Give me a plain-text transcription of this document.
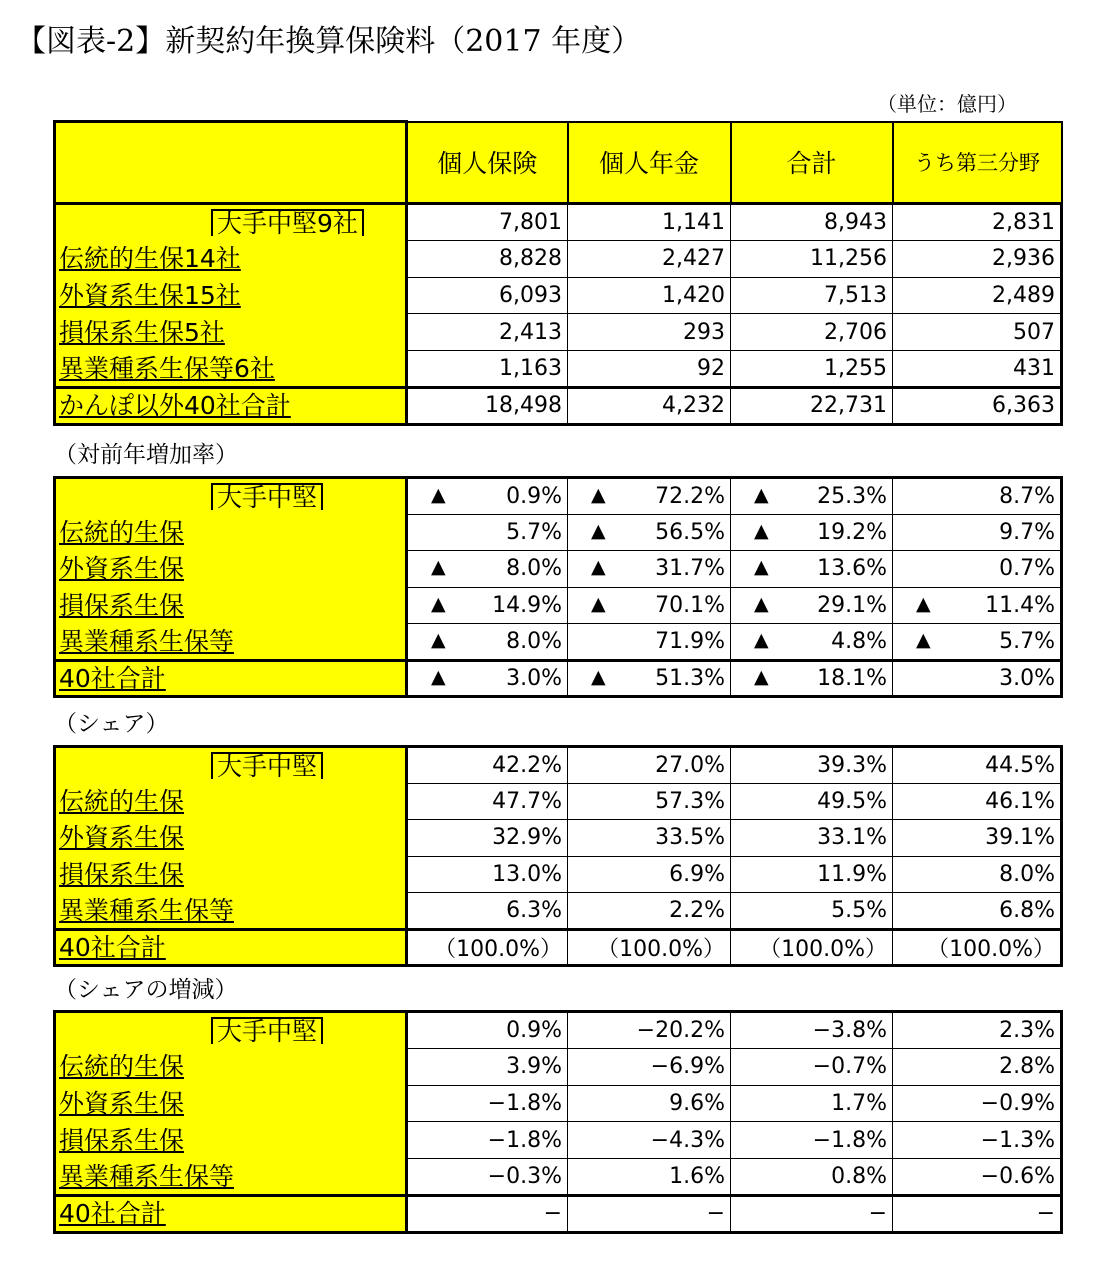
【図表-2】新契約年換算保険料（2017 年度）
（単位：億円）
	個人保険	個人年金	合計	うち第三分野
大手中堅9社	7,801	1,141	8,943	2,831
伝統的生保14社	8,828	2,427	11,256	2,936
外資系生保15社	6,093	1,420	7,513	2,489
損保系生保5社	2,413	293	2,706	507
異業種系生保等6社	1,163	92	1,255	431
かんぽ以外40社合計	18,498	4,232	22,731	6,363
（対前年増加率）
大手中堅	▲ 0.9%	▲ 72.2%	▲ 25.3%	8.7%
伝統的生保	5.7%	▲ 56.5%	▲ 19.2%	9.7%
外資系生保	▲ 8.0%	▲ 31.7%	▲ 13.6%	0.7%
損保系生保	▲ 14.9%	▲ 70.1%	▲ 29.1%	▲ 11.4%
異業種系生保等	▲ 8.0%	71.9%	▲ 4.8%	▲ 5.7%
40社合計	▲ 3.0%	▲ 51.3%	▲ 18.1%	3.0%
（シェア）
大手中堅	42.2%	27.0%	39.3%	44.5%
伝統的生保	47.7%	57.3%	49.5%	46.1%
外資系生保	32.9%	33.5%	33.1%	39.1%
損保系生保	13.0%	6.9%	11.9%	8.0%
異業種系生保等	6.3%	2.2%	5.5%	6.8%
40社合計	（100.0%）	（100.0%）	（100.0%）	（100.0%）
（シェアの増減）
大手中堅	0.9%	−20.2%	−3.8%	2.3%
伝統的生保	3.9%	−6.9%	−0.7%	2.8%
外資系生保	−1.8%	9.6%	1.7%	−0.9%
損保系生保	−1.8%	−4.3%	−1.8%	−1.3%
異業種系生保等	−0.3%	1.6%	0.8%	−0.6%
40社合計	−	−	−	−
